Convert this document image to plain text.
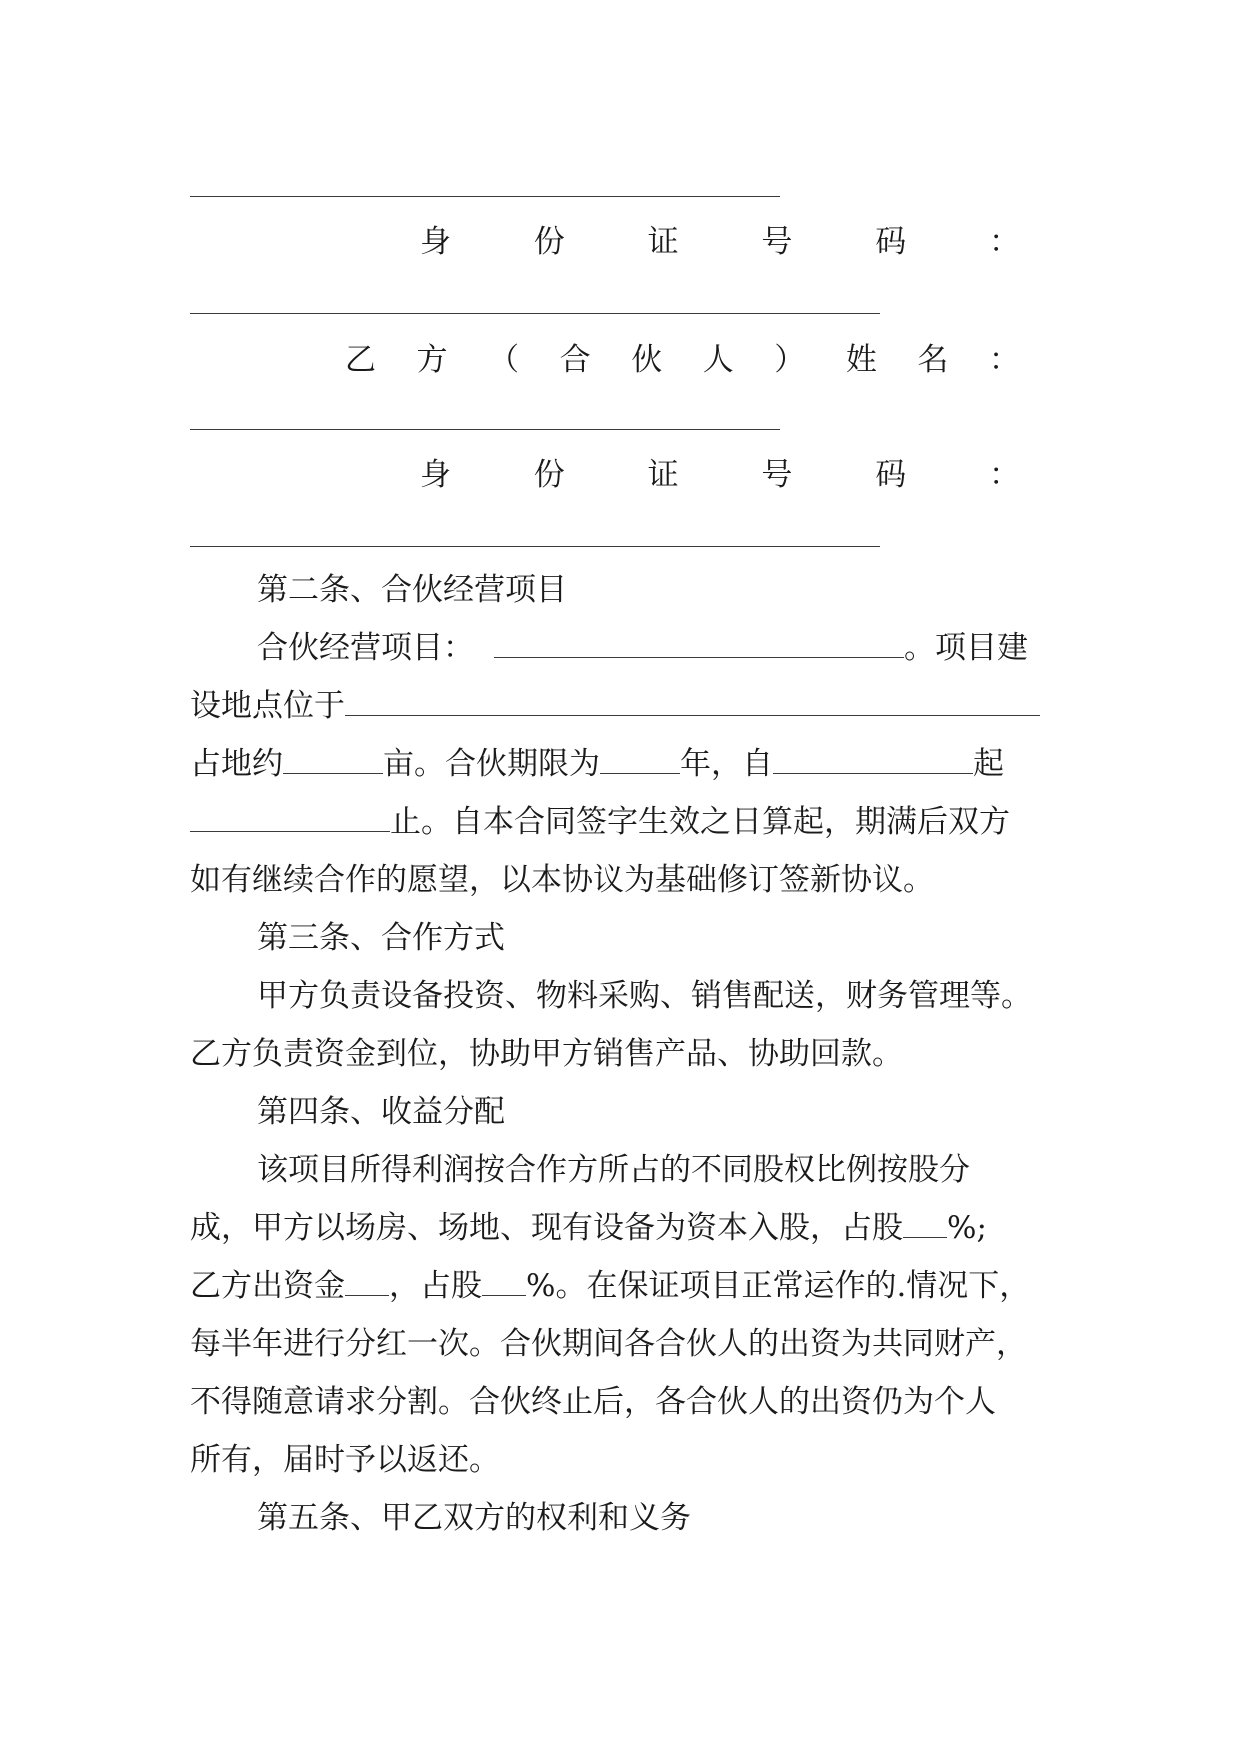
身	份	证	号	码	：
乙 方 （ 合 伙 人 ） 姓 名 ：
身	份	证	号	码	：
第二条、合伙经营项目
合伙经营项目：	。项目建
设地点位于
占地约	亩。合伙期限为	年，自	起
止。自本合同签字生效之日算起，期满后双方
如有继续合作的愿望，以本协议为基础修订签新协议。
第三条、合作方式
甲方负责设备投资、物料采购、销售配送，财务管理等。
乙方负责资金到位，协助甲方销售产品、协助回款。
第四条、收益分配
该项目所得利润按合作方所占的不同股权比例按股分
成，甲方以场房、场地、现有设备为资本入股，占股 %;
乙方出资金 ，占股 %。在保证项目正常运作的.情况下，
每半年进行分红一次。合伙期间各合伙人的出资为共同财产，
不得随意请求分割。合伙终止后，各合伙人的出资仍为个人
所有，届时予以返还。
第五条、甲乙双方的权利和义务
